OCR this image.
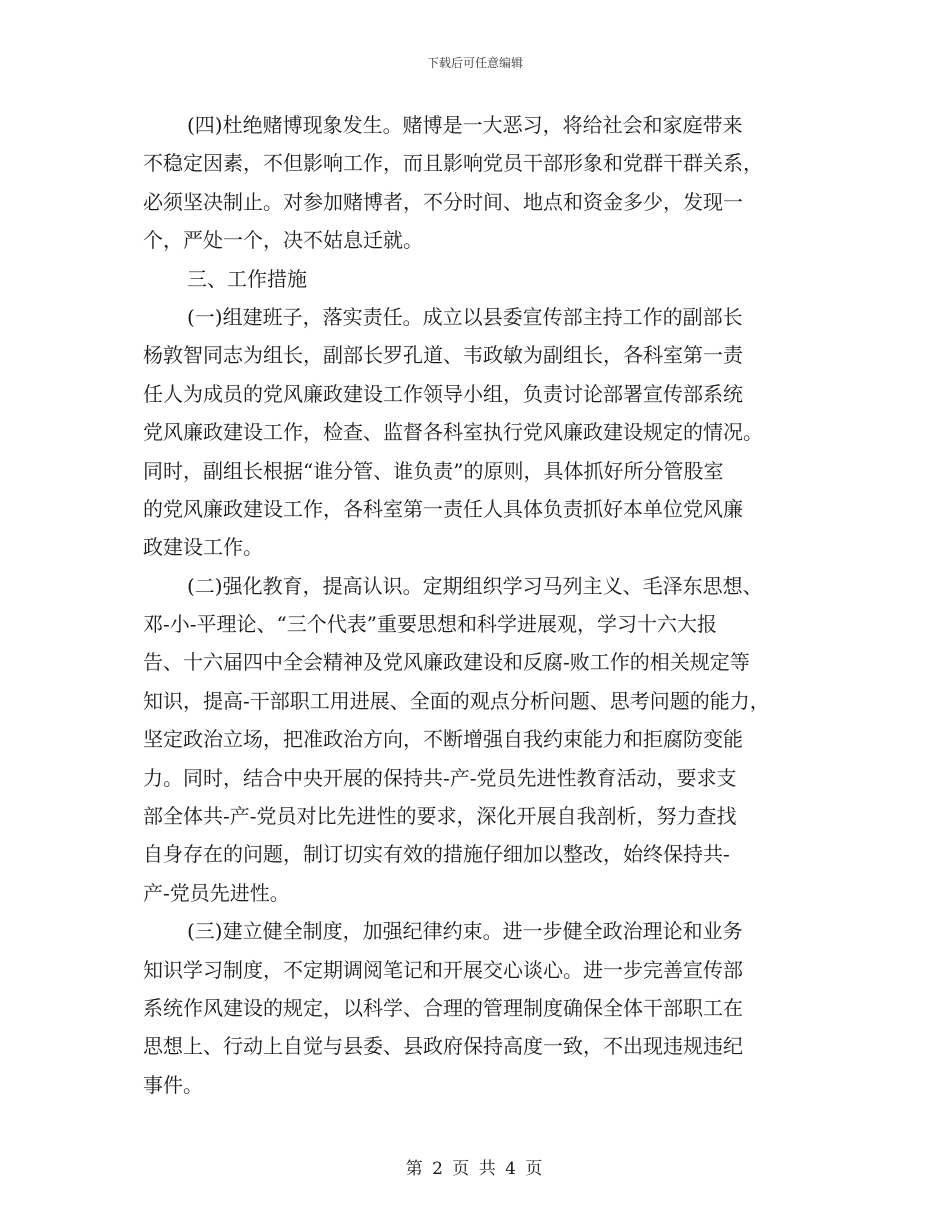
下载后可任意编辑
(四)杜绝赌博现象发生。赌博是一大恶习，将给社会和家庭带来
不稳定因素，不但影响工作，而且影响党员干部形象和党群干群关系，
必须坚决制止。对参加赌博者，不分时间、地点和资金多少，发现一
个，严处一个，决不姑息迁就。
三、工作措施
(一)组建班子，落实责任。成立以县委宣传部主持工作的副部长
杨敦智同志为组长，副部长罗孔道、韦政敏为副组长，各科室第一责
任人为成员的党风廉政建设工作领导小组，负责讨论部署宣传部系统
党风廉政建设工作，检查、监督各科室执行党风廉政建设规定的情况。
同时，副组长根据“谁分管、谁负责”的原则，具体抓好所分管股室
的党风廉政建设工作，各科室第一责任人具体负责抓好本单位党风廉
政建设工作。
(二)强化教育，提高认识。定期组织学习马列主义、毛泽东思想、
邓-小-平理论、“三个代表”重要思想和科学进展观，学习十六大报
告、十六届四中全会精神及党风廉政建设和反腐-败工作的相关规定等
知识，提高-干部职工用进展、全面的观点分析问题、思考问题的能力，
坚定政治立场，把准政治方向，不断增强自我约束能力和拒腐防变能
力。同时，结合中央开展的保持共-产-党员先进性教育活动，要求支
部全体共-产-党员对比先进性的要求，深化开展自我剖析，努力查找
自身存在的问题，制订切实有效的措施仔细加以整改，始终保持共-
产-党员先进性。
(三)建立健全制度，加强纪律约束。进一步健全政治理论和业务
知识学习制度，不定期调阅笔记和开展交心谈心。进一步完善宣传部
系统作风建设的规定，以科学、合理的管理制度确保全体干部职工在
思想上、行动上自觉与县委、县政府保持高度一致，不出现违规违纪
事件。
第 2 页 共 4 页
